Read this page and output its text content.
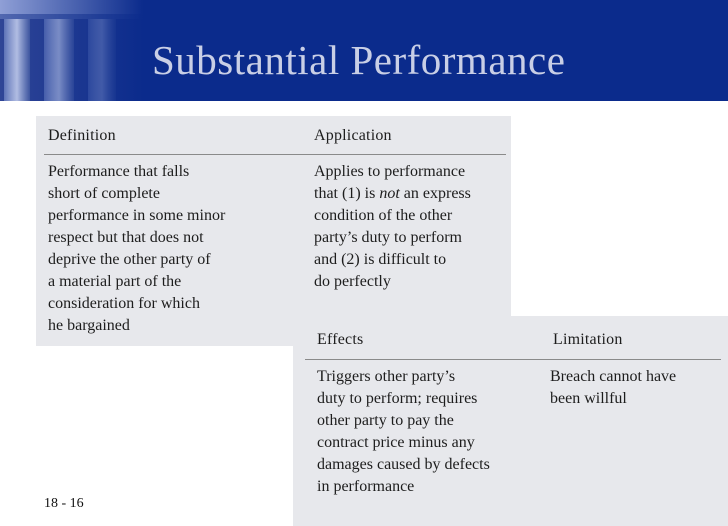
Substantial Performance
Definition	Application
Performance that falls
short of complete
performance in some minor
respect but that does not
deprive the other party of
a material part of the
consideration for which
he bargained
Applies to performance
that (1) is not an express
condition of the other
party’s duty to perform
and (2) is difficult to
do perfectly
Effects	Limitation
Triggers other party’s
duty to perform; requires
other party to pay the
contract price minus any
damages caused by defects
in performance
Breach cannot have
been willful
18 - 16
